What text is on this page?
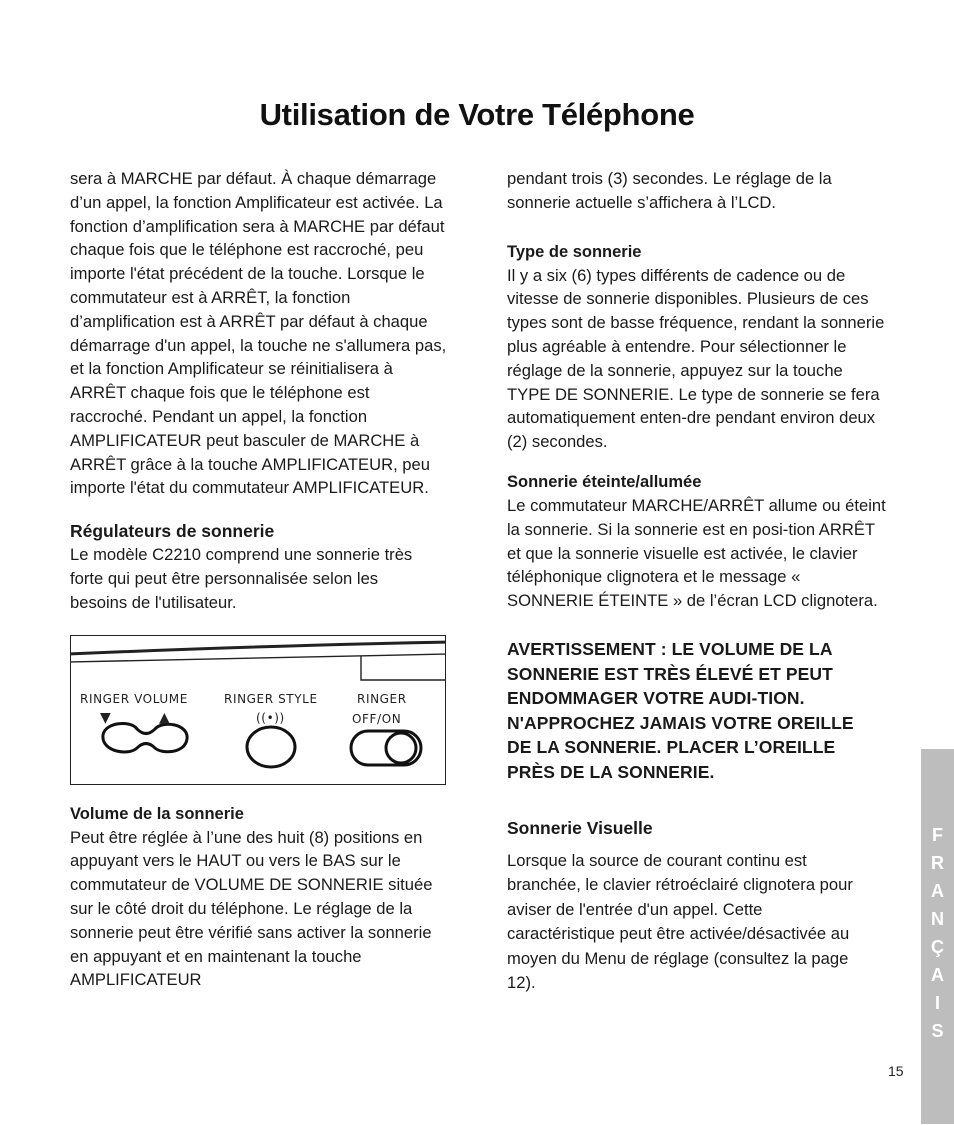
Utilisation de Votre Téléphone

sera à MARCHE par défaut. À chaque démarrage d’un appel, la fonction Amplificateur est activée. La fonction d’amplification sera à MARCHE par défaut chaque fois que le téléphone est raccroché, peu importe l'état précédent de la touche. Lorsque le commutateur est à ARRÊT, la fonction d’amplification est à ARRÊT par défaut à chaque démarrage d'un appel, la touche ne s'allumera pas, et la fonction Amplificateur se réinitialisera à ARRÊT chaque fois que le téléphone est raccroché. Pendant un appel, la fonction AMPLIFICATEUR peut basculer de MARCHE à ARRÊT grâce à la touche AMPLIFICATEUR, peu importe l'état du commutateur AMPLIFICATEUR.

Régulateurs de sonnerie

Le modèle C2210 comprend une sonnerie très forte qui peut être personnalisée selon les besoins de l'utilisateur.

RINGER VOLUME
▼	▲
RINGER STYLE
((•))
RINGER
OFF/ON
Volume de la sonnerie

Peut être réglée à l’une des huit (8) positions en appuyant vers le HAUT ou vers le BAS sur le commutateur de VOLUME DE SONNERIE située sur le côté droit du téléphone. Le réglage de la sonnerie peut être vérifié sans activer la sonnerie en appuyant et en maintenant la touche AMPLIFICATEUR

pendant trois (3) secondes. Le réglage de la sonnerie actuelle s’affichera à l’LCD.

Type de sonnerie

Il y a six (6) types différents de cadence ou de vitesse de sonnerie disponibles. Plusieurs de ces types sont de basse fréquence, rendant la sonnerie plus agréable à entendre. Pour sélectionner le réglage de la sonnerie, appuyez sur la touche TYPE DE SONNERIE. Le type de sonnerie se fera automatiquement enten-dre pendant environ deux (2) secondes.

Sonnerie éteinte/allumée

Le commutateur MARCHE/ARRÊT allume ou éteint la sonnerie. Si la sonnerie est en posi-tion ARRÊT et que la sonnerie visuelle est activée, le clavier téléphonique clignotera et le message « SONNERIE ÉTEINTE » de l’écran LCD clignotera.

AVERTISSEMENT : LE VOLUME DE LA SONNERIE EST TRÈS ÉLEVÉ ET PEUT ENDOMMAGER VOTRE AUDI-TION. N'APPROCHEZ JAMAIS VOTRE OREILLE DE LA SONNERIE. PLACER L’OREILLE PRÈS DE LA SONNERIE.

Sonnerie Visuelle

Lorsque la source de courant continu est branchée, le clavier rétroéclairé clignotera pour aviser de l'entrée d'un appel. Cette caractéristique peut être activée/désactivée au moyen du Menu de réglage (consultez la page 12).

F
R
A
N
Ç
A
I
S
15
